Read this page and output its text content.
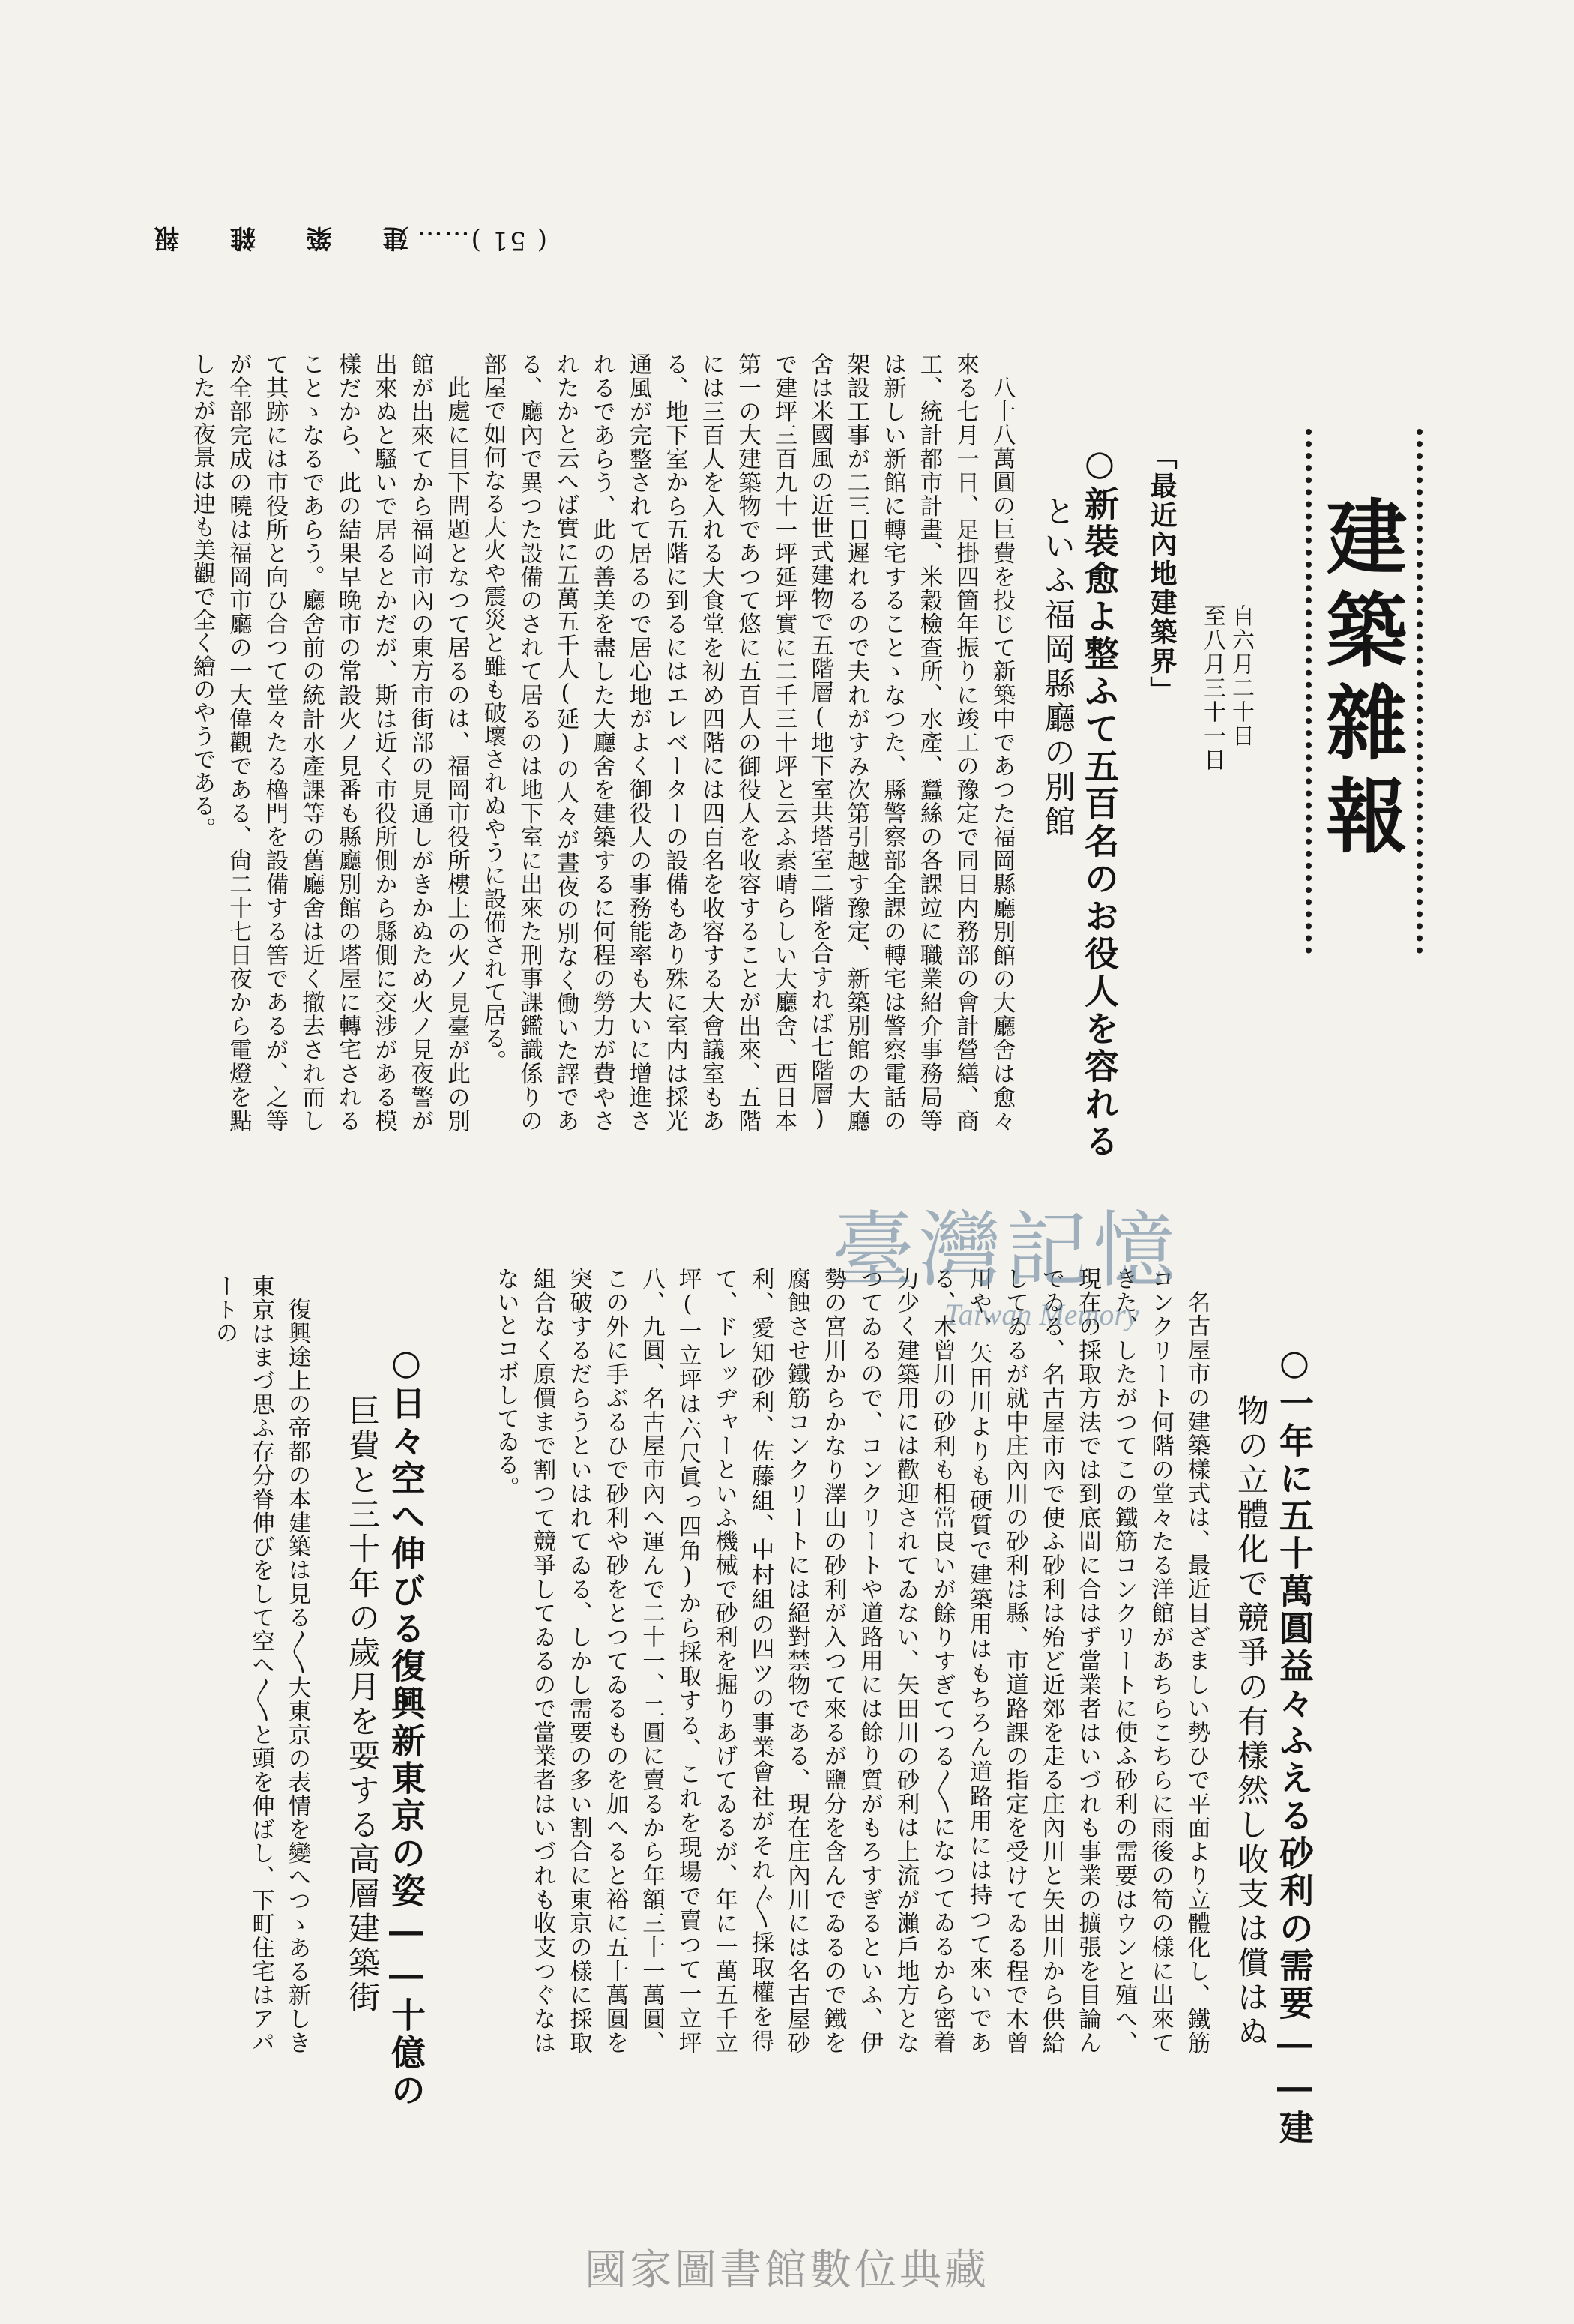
( 51 )……
建 築 雜 報
建築雜報
自六月二十日
至八月三十一日
「最近內地建築界」
○新裝愈よ整ふて五百名のお役人を容れる
といふ福岡縣廳の別館

八十八萬圓の巨費を投じて新築中であつた福岡縣廳別館の大廳舍は愈々來る七月一日、足掛四箇年振りに竣工の豫定で同日内務部の會計營繕、商工、統計都市計畫、米穀檢查所、水產、蠶絲の各課竝に職業紹介事務局等は新しい新館に轉宅することゝなつた、縣警察部全課の轉宅は警察電話の架設工事が二三日遲れるので夫れがすみ次第引越す豫定、新築別館の大廳舍は米國風の近世式建物で五階層(地下室共塔室二階を合すれば七階層)で建坪三百九十一坪延坪實に二千三十坪と云ふ素晴らしい大廳舍、西日本第一の大建築物であつて悠に五百人の御役人を收容することが出來、五階には三百人を入れる大食堂を初め四階には四百名を收容する大會議室もある、地下室から五階に到るにはエレベーターの設備もあり殊に室内は採光通風が完整されて居るので居心地がよく御役人の事務能率も大いに增進されるであらう、此の善美を盡した大廳舍を建築するに何程の勞力が費やされたかと云へば實に五萬五千人(延)の人々が晝夜の別なく働いた譯である、廳內で異つた設備のされて居るのは地下室に出來た刑事課鑑識係りの部屋で如何なる大火や震災と雖も破壞されぬやうに設備されて居る。

此處に目下問題となつて居るのは、福岡市役所樓上の火ノ見臺が此の別館が出來てから福岡市內の東方市街部の見通しがきかぬため火ノ見夜警が出來ぬと騷いで居るとかだが、斯は近く市役所側から縣側に交涉がある模樣だから、此の結果早晩市の常設火ノ見番も縣廳別館の塔屋に轉宅されることゝなるであらう。廳舍前の統計水產課等の舊廳舍は近く撤去され而して其跡には市役所と向ひ合つて堂々たる櫓門を設備する筈であるが、之等が全部完成の曉は福岡市廳の一大偉觀である、尙二十七日夜から電燈を點したが夜景は迚も美觀で全く繪のやうである。

○一年に五十萬圓益々ふえる砂利の需要――建
物の立體化で競爭の有樣然し收支は償はぬ

名古屋市の建築樣式は、最近目ざましい勢ひで平面より立體化し、鐵筋コンクリート何階の堂々たる洋館があちらこちらに雨後の筍の樣に出來てきた、したがつてこの鐵筋コンクリートに使ふ砂利の需要はウンと殖へ、現在の採取方法では到底間に合はず當業者はいづれも事業の擴張を目論んでゐる、名古屋市內で使ふ砂利は殆ど近郊を走る庄內川と矢田川から供給してゐるが就中庄內川の砂利は縣、市道路課の指定を受けてゐる程で木曾川や、矢田川よりも硬質で建築用はもちろん道路用には持つて來いである、木曾川の砂利も相當良いが餘りすぎてつる〳〵になつてゐるから密着力少く建築用には歡迎されてゐない、矢田川の砂利は上流が瀨戶地方となつてゐるので、コンクリートや道路用には餘り質がもろすぎるといふ、伊勢の宮川からかなり澤山の砂利が入つて來るが鹽分を含んでゐるので鐵を腐蝕させ鐵筋コンクリートには絕對禁物である、現在庄內川には名古屋砂利、愛知砂利、佐藤組、中村組の四ツの事業會社がそれ〴〵採取權を得て、ドレッヂャーといふ機械で砂利を掘りあげてゐるが、年に一萬五千立坪(一立坪は六尺眞っ四角)から採取する、これを現場で賣つて一立坪八、九圓、名古屋市內へ運んで二十一、二圓に賣るから年額三十一萬圓、この外に手ぶるひで砂利や砂をとつてゐるものを加へると裕に五十萬圓を突破するだらうといはれてゐる、しかし需要の多い割合に東京の樣に採取組合なく原價まで割つて競爭してゐるので當業者はいづれも收支つぐなはないとコボしてゐる。

○日々空へ伸びる復興新東京の姿――十億の
巨費と三十年の歲月を要する高層建築街

復興途上の帝都の本建築は見る〳〵大東京の表情を變へつゝある新しき東京はまづ思ふ存分脊伸びをして空へ〳〵と頭を伸ばし、下町住宅はアパートの

臺灣記憶
Taiwan Memory
國家圖書館數位典藏
